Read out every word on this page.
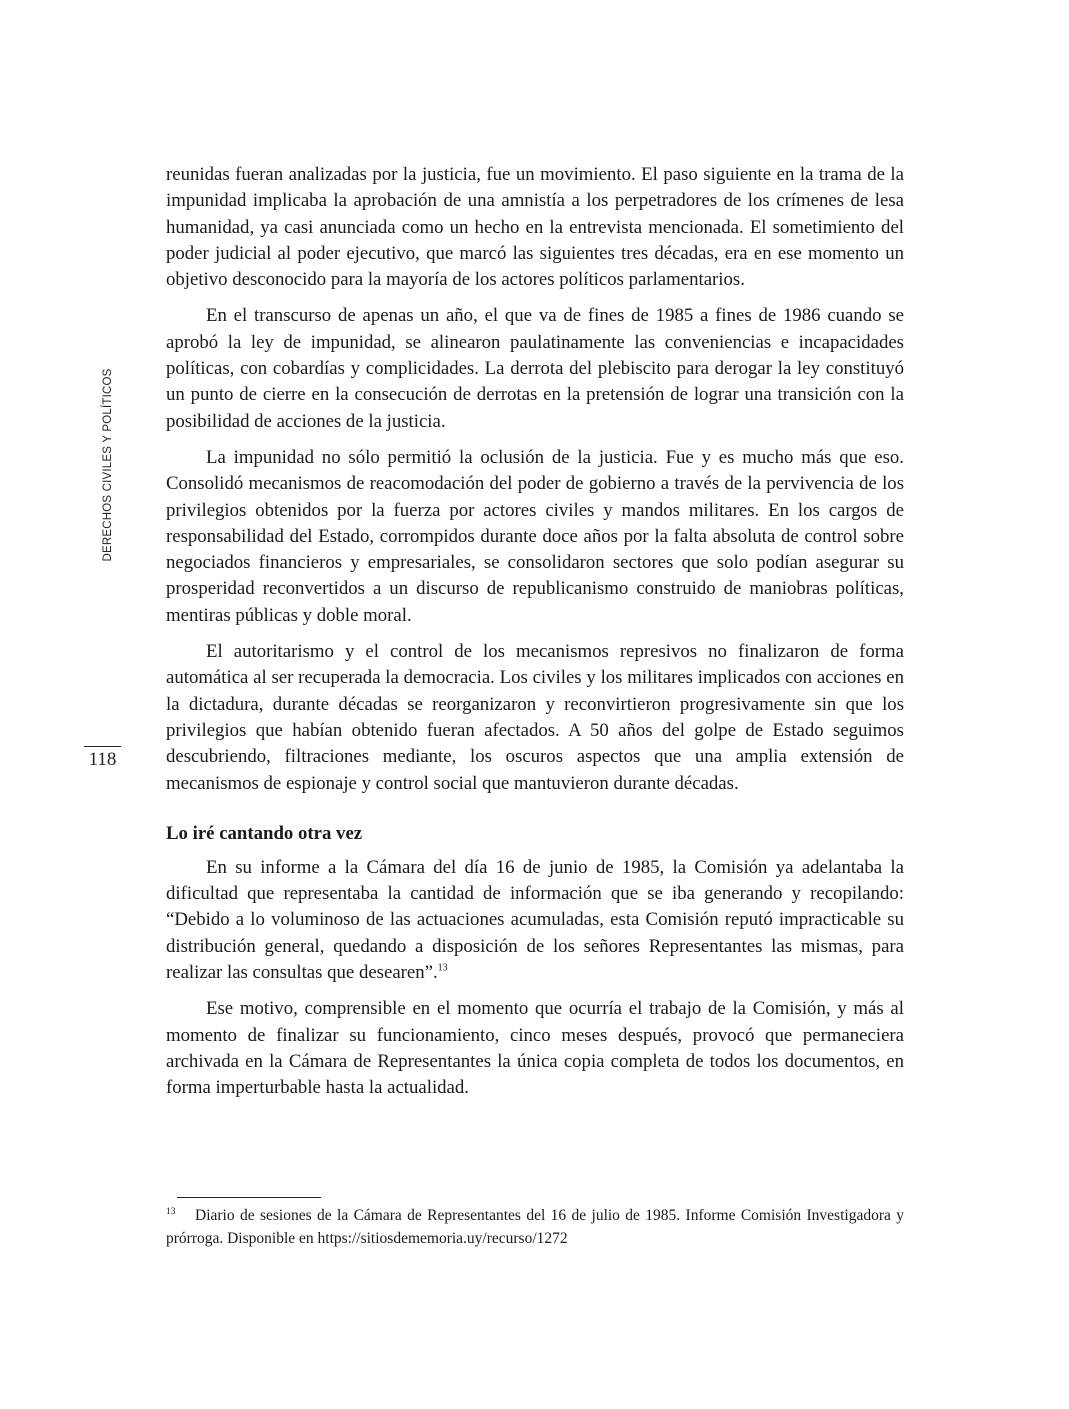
DERECHOS CIVILES Y POLÍTICOS
118

reunidas fueran analizadas por la justicia, fue un movimiento. El paso siguiente en la trama de la impunidad implicaba la aprobación de una amnistía a los perpetradores de los crímenes de lesa humanidad, ya casi anunciada como un hecho en la entrevista mencionada. El sometimiento del poder judicial al poder ejecutivo, que marcó las siguientes tres décadas, era en ese momento un objetivo desconocido para la mayoría de los actores políticos parlamentarios.

En el transcurso de apenas un año, el que va de fines de 1985 a fines de 1986 cuando se aprobó la ley de impunidad, se alinearon paulatinamente las conveniencias e incapacidades políticas, con cobardías y complicidades. La derrota del plebiscito para derogar la ley constituyó un punto de cierre en la consecución de derrotas en la pretensión de lograr una transición con la posibilidad de acciones de la justicia.

La impunidad no sólo permitió la oclusión de la justicia. Fue y es mucho más que eso. Consolidó mecanismos de reacomodación del poder de gobierno a través de la pervivencia de los privilegios obtenidos por la fuerza por actores civiles y mandos militares. En los cargos de responsabilidad del Estado, corrompidos durante doce años por la falta absoluta de control sobre negociados financieros y empresariales, se consolidaron sectores que solo podían asegurar su prosperidad reconvertidos a un discurso de republicanismo construido de maniobras políticas, mentiras públicas y doble moral.

El autoritarismo y el control de los mecanismos represivos no finalizaron de forma automática al ser recuperada la democracia. Los civiles y los militares implicados con acciones en la dictadura, durante décadas se reorganizaron y reconvirtieron progresivamente sin que los privilegios que habían obtenido fueran afectados. A 50 años del golpe de Estado seguimos descubriendo, filtraciones mediante, los oscuros aspectos que una amplia extensión de mecanismos de espionaje y control social que mantuvieron durante décadas.

Lo iré cantando otra vez

En su informe a la Cámara del día 16 de junio de 1985, la Comisión ya adelantaba la dificultad que representaba la cantidad de información que se iba generando y recopilando: “Debido a lo voluminoso de las actuaciones acumuladas, esta Comisión reputó impracticable su distribución general, quedando a disposición de los señores Representantes las mismas, para realizar las consultas que desearen”.$^{13}$

Ese motivo, comprensible en el momento que ocurría el trabajo de la Comisión, y más al momento de finalizar su funcionamiento, cinco meses después, provocó que permaneciera archivada en la Cámara de Representantes la única copia completa de todos los documentos, en forma imperturbable hasta la actualidad.

13 Diario de sesiones de la Cámara de Representantes del 16 de julio de 1985. Informe Comisión Investigadora y prórroga. Disponible en https://sitiosdememoria.uy/recurso/1272
